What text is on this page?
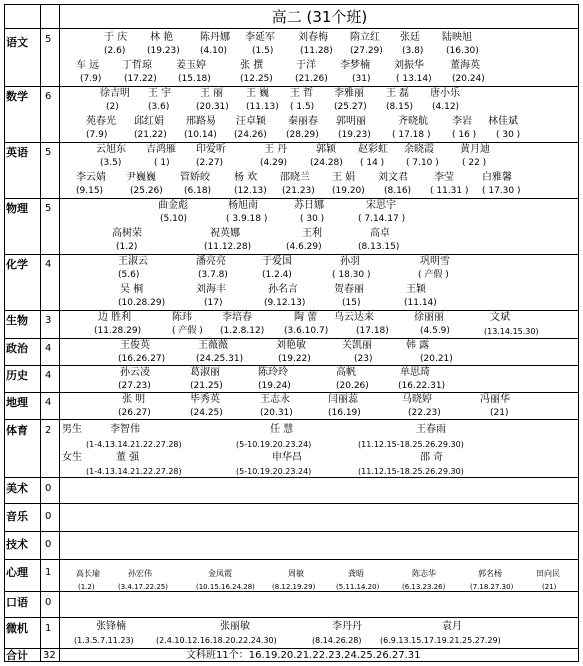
高二 (31个班)
语文	5	于 庆 林 艳	陈丹娜 李延军 刘春梅 隋立红 张廷 陆映旭
(2.6) (19.23) (4.10)	(1.5)	(11.28) (27.29) (3.8)	(16.30)
车 远 丁哲琼 姜玉婷	张 撰	于洋 李梦楠 刘振华	董海英
(7.9)	(17.22) (15.18)	(12.25) (21.26)	(31)	( 13.14) (20.24)
数学	6	徐吉明 王 宇	王 丽 王 巍 王 哲 李雅丽 王 磊 唐小乐
(2)	(3.6)	(20.31) (11.13) ( 1.5) (25.27) (8.15) (4.12)
苑春光 邱红娟 邢路易 汪卓颖 秦丽春 郭明丽	齐晓航 李岩 林佳斌
(7.9)	(21.22) (10.14) (24.26) (28.29) (19.23) ( 17.18 ) ( 16 ) ( 30 )
英语	5	云旭东 吉鸿雁 印爱听	王 丹	郭颖 赵彩虹 余晓霞	黄月迪
(3.5)	( 1)	(2.27)	(4.29)	(24.28) ( 14 ) ( 7.10 )	( 22 )
李云婧 尹巍巍 管娇皎 杨 欢 邵晓兰 王 娟 刘文君	李莹	白雅馨
(9.15)	(25.26) (6.18)	(12.13) (21.23) (19.20) (8.16) ( 11.31 ) ( 17.30 )
物理	5	曲金彪	杨旭南	苏日娜	宋思宇
(5.10)	( 3.9.18 )	( 30 )	( 7.14.17 )
高树荣	祝英娜	王利	高卓
(1.2)	(11.12.28)	(4.6.29)	(8.13.15)
化学	4	王淑云	潘亮亮	于爱国	孙羽	巩明雪
(5.6)	(3.7.8)	(1.2.4)	( 18.30 )	( 产假 )
吴 桐	刘海丰	孙名言	贺春丽	王颖
(10.28.29)	(17)	(9.12.13)	(15)	(11.14)
生物	3	边 胜利	陈玮	李培春	陶 蕾 乌云达来	徐丽丽	文斌
(11.28.29)	( 产假 ) (1.2.8.12) (3.6.10.7)	(17.18)	(4.5.9)	(13.14.15.30)
政治	4	王俊英	王薇薇	刘艳敏	关凯丽	韩 露
(16.26.27)	(24.25.31)	(19.22)	(23)	(20.21)
历史	4	孙云凌	葛淑丽	陈玲玲	高帆	单思琦
(27.23)	(21.25)	(19.24)	(20.26)	(16.22.31)
地理	4	张 明	毕秀英	王志永	闫丽蕊	马晓婷	冯丽华
(26.27)	(24.25)	(20.31)	(16.19)	(22.23)	(21)
体育	2	男生	李智伟	任 慧	王春雨
(1-4.13.14.21.22.27.28)	(5-10.19.20.23.24)	(11.12.15-18.25.26.29.30)
女生	董 强	申华昌	邵 奇
(1-4.13.14.21.22.27.28)	(5-10.19.20.23.24)	(11.12.15-18.25.26.29.30)
美术	0
音乐	0
技术	0
心理	1	高长瑜	孙宏伟	金凤霞	周敏	龚晤	陈志华	郭名杨	田向民
(1.2)	(3.4.17.22.25)	(10.15.16.24.28) (8.12.19.29)	(5.11.14.20)	(6.13.23.26)	(7.18.27.30)	(21)
口语	0
微机	1	张锋楠	张丽敏	李丹丹	袁月
(1.3.5.7.11.23)	(2.4.10.12.16.18.20.22.24.30)	(8.14.26.28) (6.9.13.15.17.19.21.25.27.29)
合计	32	文科班11个：16.19.20.21.22.23.24.25.26.27.31
